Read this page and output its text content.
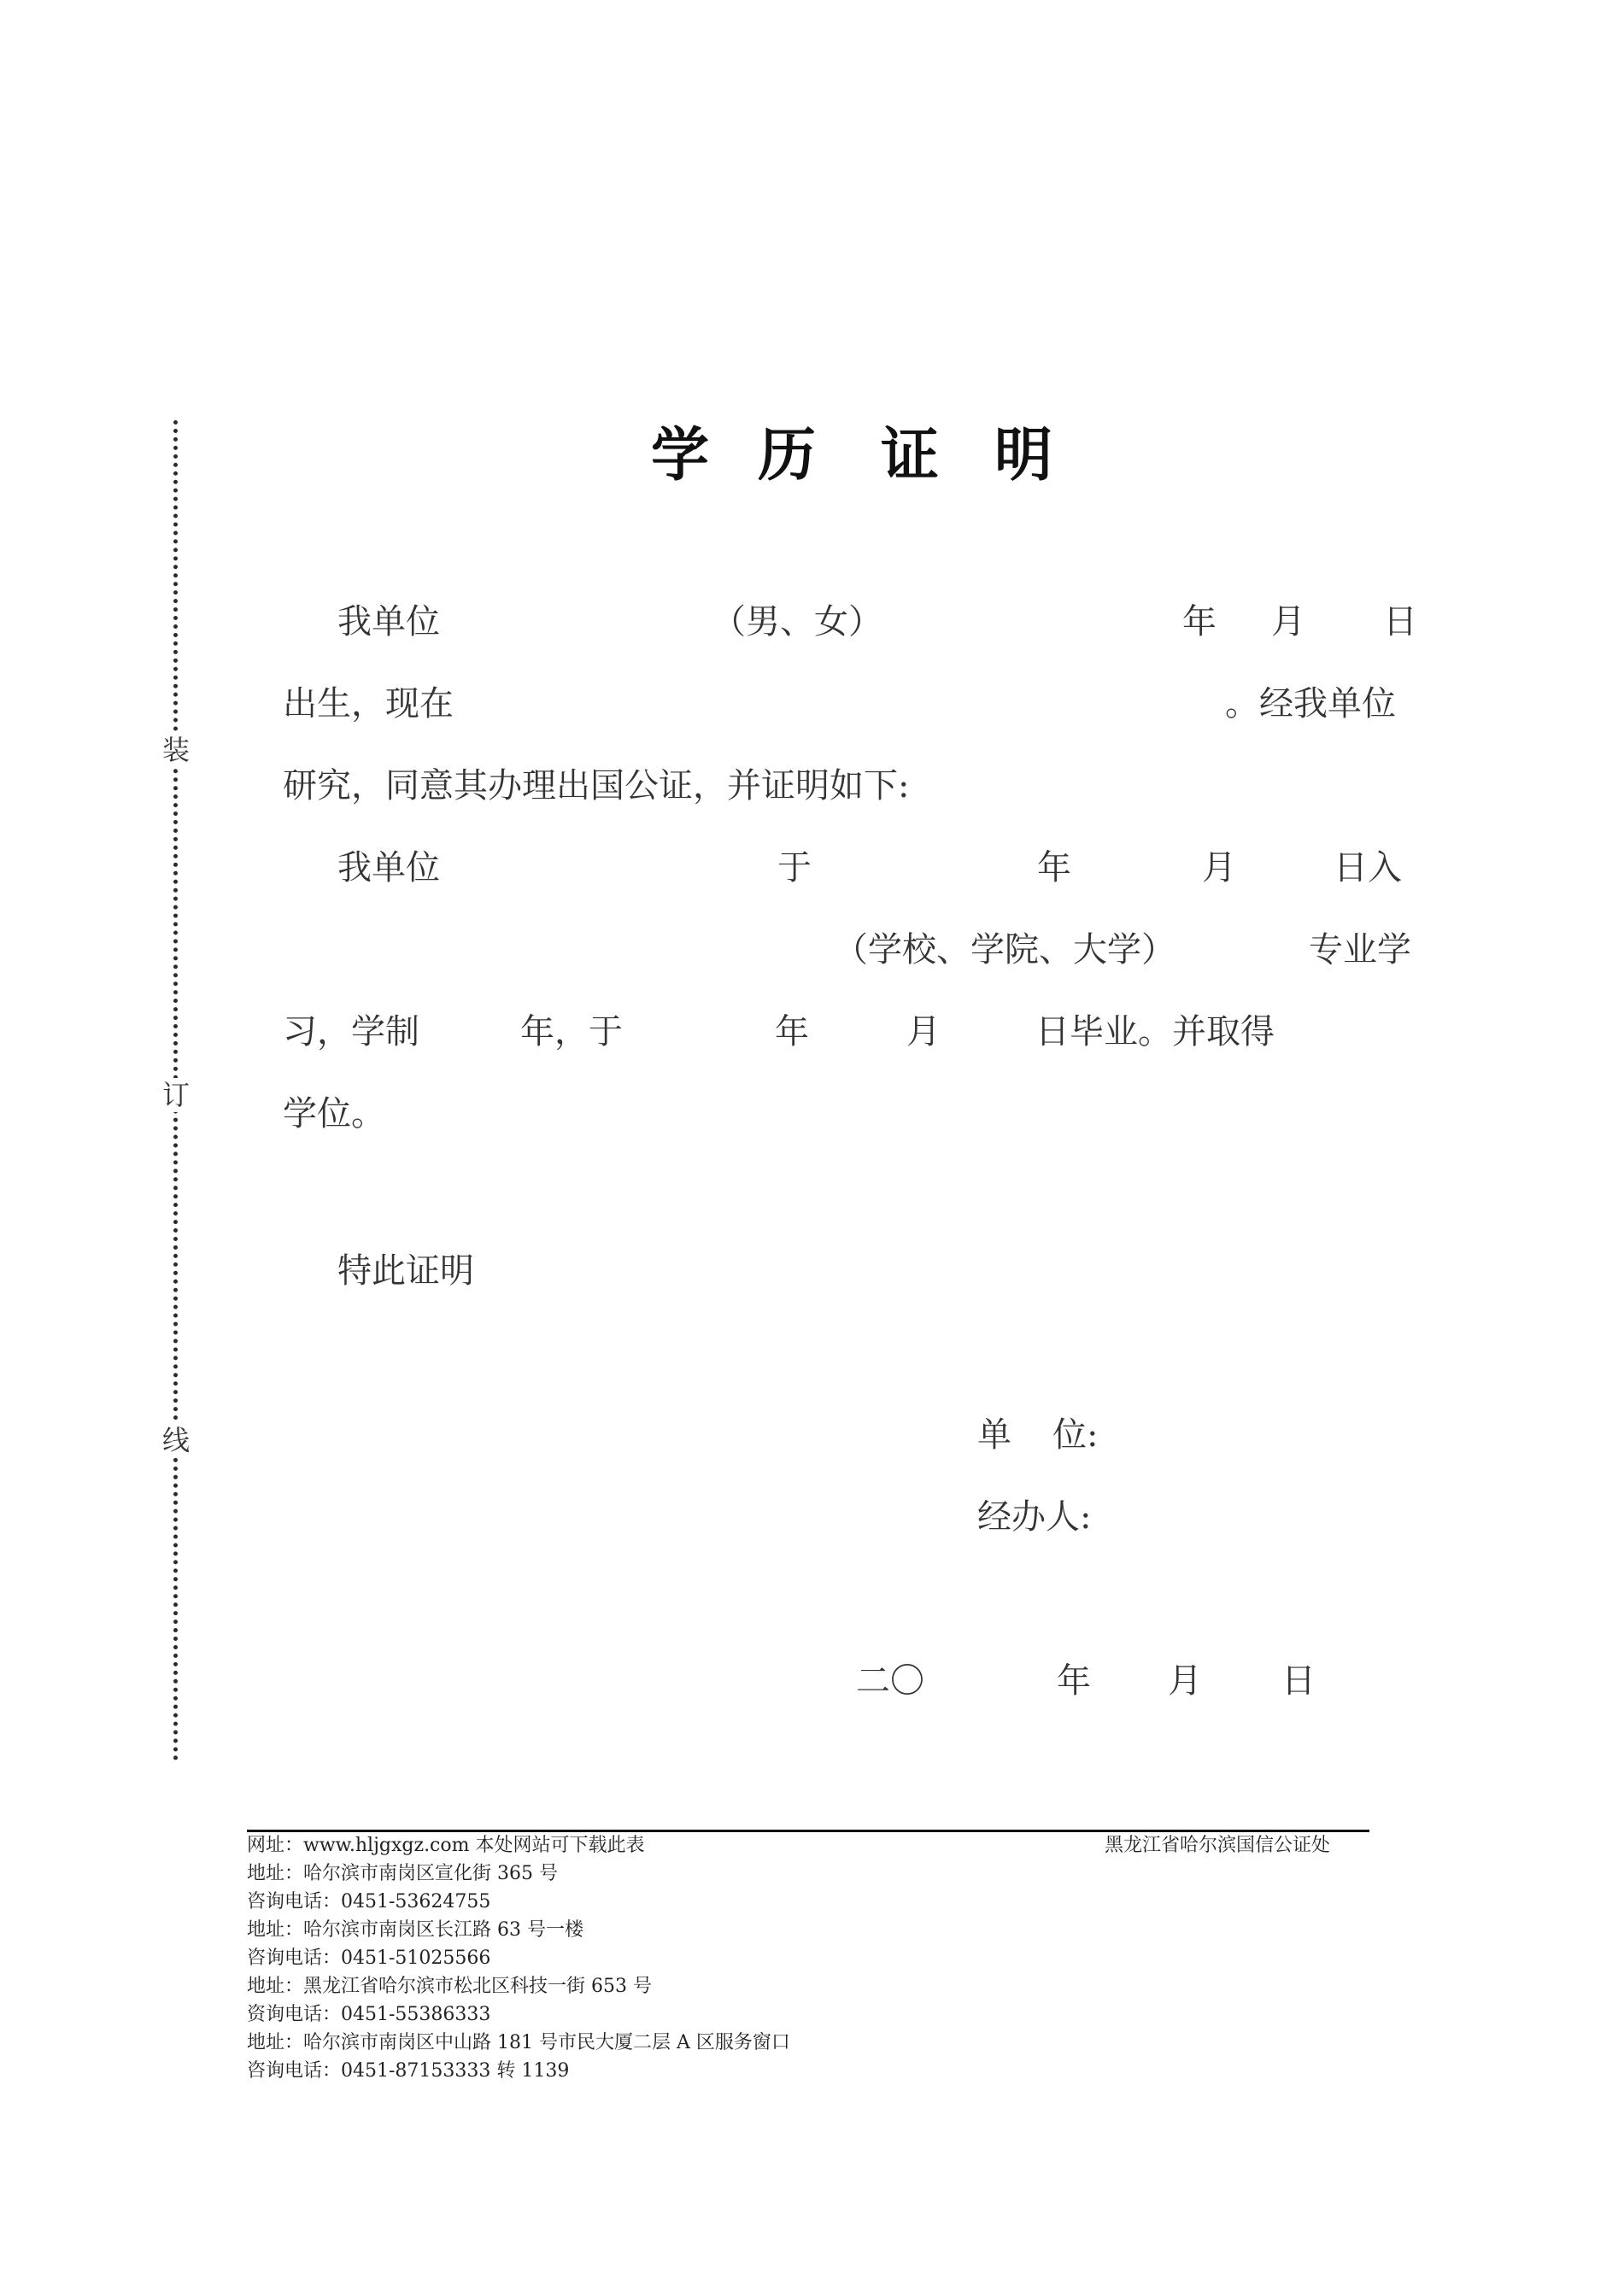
装
订
线
学 历 证 明
我单位	（男、女）	年 月 日
出生，现在	。经我单位
研究，同意其办理出国公证，并证明如下:
我单位	于	年	月	日入
（学校、学院、大学）	专业学
习，学制	年，于	年	月	日毕业。并取得
学位。
特此证明
单 位:
经办人:
二〇	年 月 日
网址：www.hljgxgz.com 本处网站可下载此表	黑龙江省哈尔滨国信公证处
地址：哈尔滨市南岗区宣化街 365 号
咨询电话：0451-53624755
地址：哈尔滨市南岗区长江路 63 号一楼
咨询电话：0451-51025566
地址：黑龙江省哈尔滨市松北区科技一街 653 号
资询电话：0451-55386333
地址：哈尔滨市南岗区中山路 181 号市民大厦二层 A 区服务窗口
咨询电话：0451-87153333 转 1139
